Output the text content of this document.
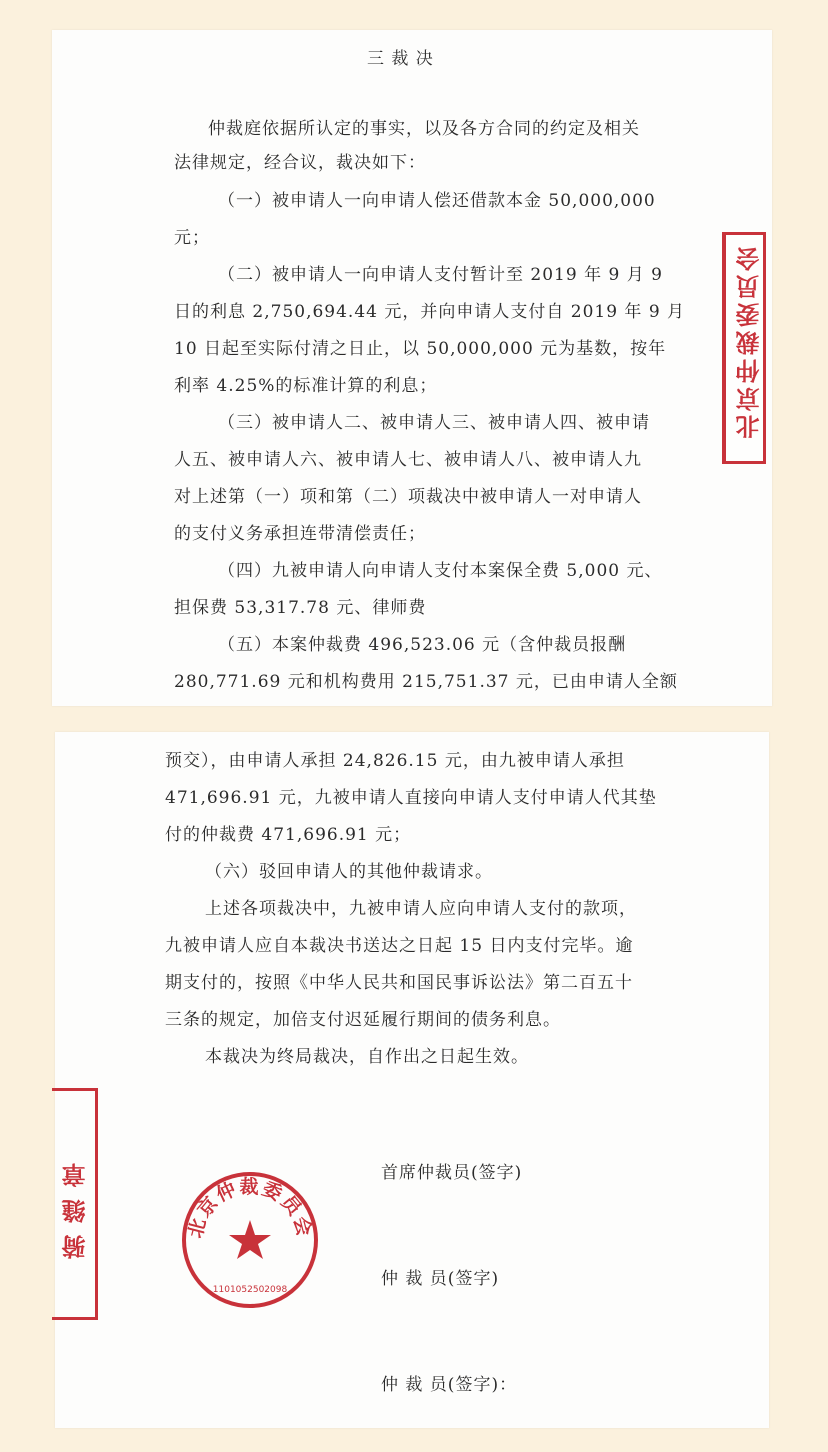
三 裁 决
仲裁庭依据所认定的事实，以及各方合同的约定及相关
法律规定，经合议，裁决如下：
（一）被申请人一向申请人偿还借款本金 50,000,000
元；
（二）被申请人一向申请人支付暂计至 2019 年 9 月 9
日的利息 2,750,694.44 元，并向申请人支付自 2019 年 9 月
10 日起至实际付清之日止，以 50,000,000 元为基数，按年
利率 4.25%的标准计算的利息；
（三）被申请人二、被申请人三、被申请人四、被申请
人五、被申请人六、被申请人七、被申请人八、被申请人九
对上述第（一）项和第（二）项裁决中被申请人一对申请人
的支付义务承担连带清偿责任；
（四）九被申请人向申请人支付本案保全费 5,000 元、
担保费 53,317.78 元、律师费
（五）本案仲裁费 496,523.06 元（含仲裁员报酬
280,771.69 元和机构费用 215,751.37 元，已由申请人全额
北京仲裁委员会
预交），由申请人承担 24,826.15 元，由九被申请人承担
471,696.91 元，九被申请人直接向申请人支付申请人代其垫
付的仲裁费 471,696.91 元；
（六）驳回申请人的其他仲裁请求。
上述各项裁决中，九被申请人应向申请人支付的款项，
九被申请人应自本裁决书送达之日起 15 日内支付完毕。逾
期支付的，按照《中华人民共和国民事诉讼法》第二百五十
三条的规定，加倍支付迟延履行期间的债务利息。
本裁决为终局裁决，自作出之日起生效。
首席仲裁员(签字)
仲 裁 员(签字)
仲 裁 员(签字)：
骑缝章	北京仲裁委员会
1101052502098
